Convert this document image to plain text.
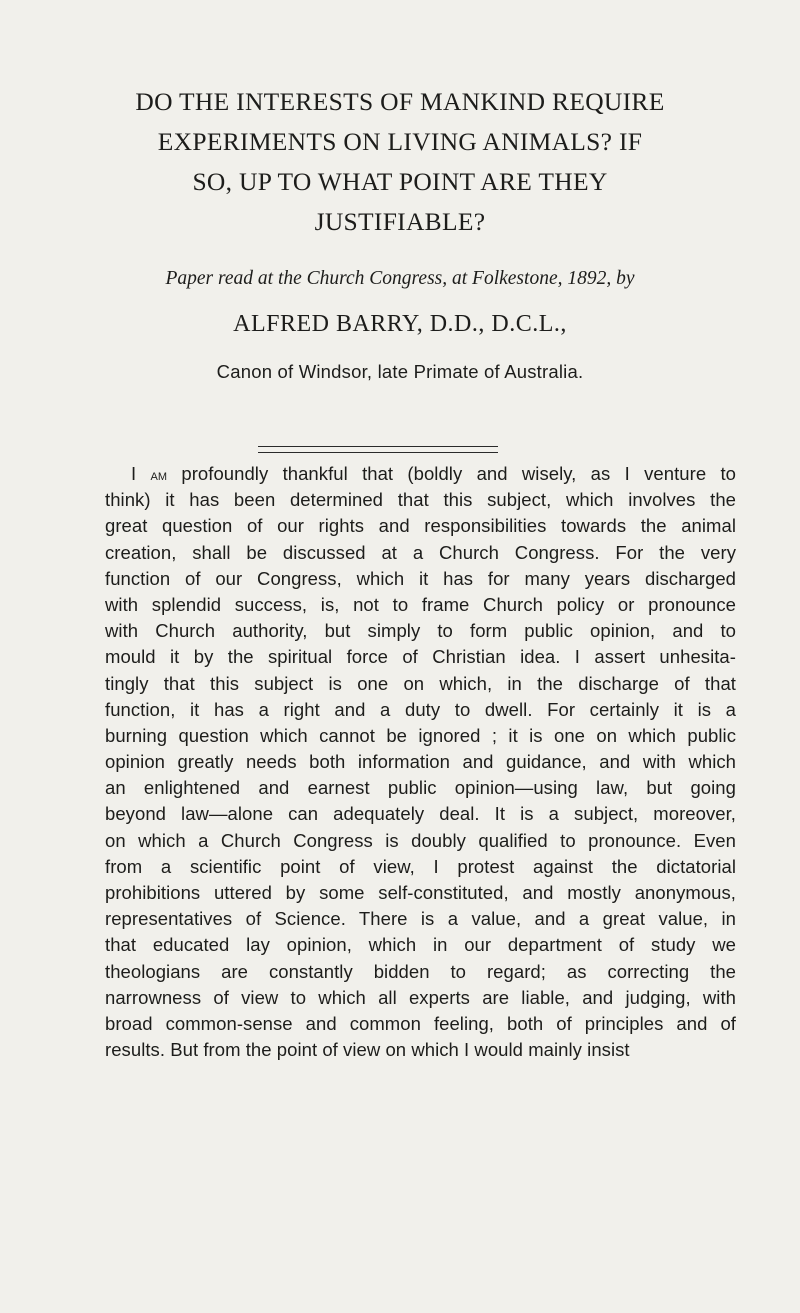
DO THE INTERESTS OF MANKIND REQUIRE
EXPERIMENTS ON LIVING ANIMALS? IF
SO, UP TO WHAT POINT ARE THEY
JUSTIFIABLE?
Paper read at the Church Congress, at Folkestone, 1892, by
ALFRED BARRY, D.D., D.C.L.,
Canon of Windsor, late Primate of Australia.
I am profoundly thankful that (boldly and wisely, as I venture to
think) it has been determined that this subject, which involves the
great question of our rights and responsibilities towards the animal
creation, shall be discussed at a Church Congress. For the very
function of our Congress, which it has for many years discharged
with splendid success, is, not to frame Church policy or pronounce
with Church authority, but simply to form public opinion, and to
mould it by the spiritual force of Christian idea. I assert unhesita-
tingly that this subject is one on which, in the discharge of that
function, it has a right and a duty to dwell. For certainly it is a
burning question which cannot be ignored ; it is one on which public
opinion greatly needs both information and guidance, and with which
an enlightened and earnest public opinion—using law, but going
beyond law—alone can adequately deal. It is a subject, moreover,
on which a Church Congress is doubly qualified to pronounce. Even
from a scientific point of view, I protest against the dictatorial
prohibitions uttered by some self-constituted, and mostly anonymous,
representatives of Science. There is a value, and a great value, in
that educated lay opinion, which in our department of study we
theologians are constantly bidden to regard; as correcting the
narrowness of view to which all experts are liable, and judging, with
broad common-sense and common feeling, both of principles and of
results. But from the point of view on which I would mainly insist
